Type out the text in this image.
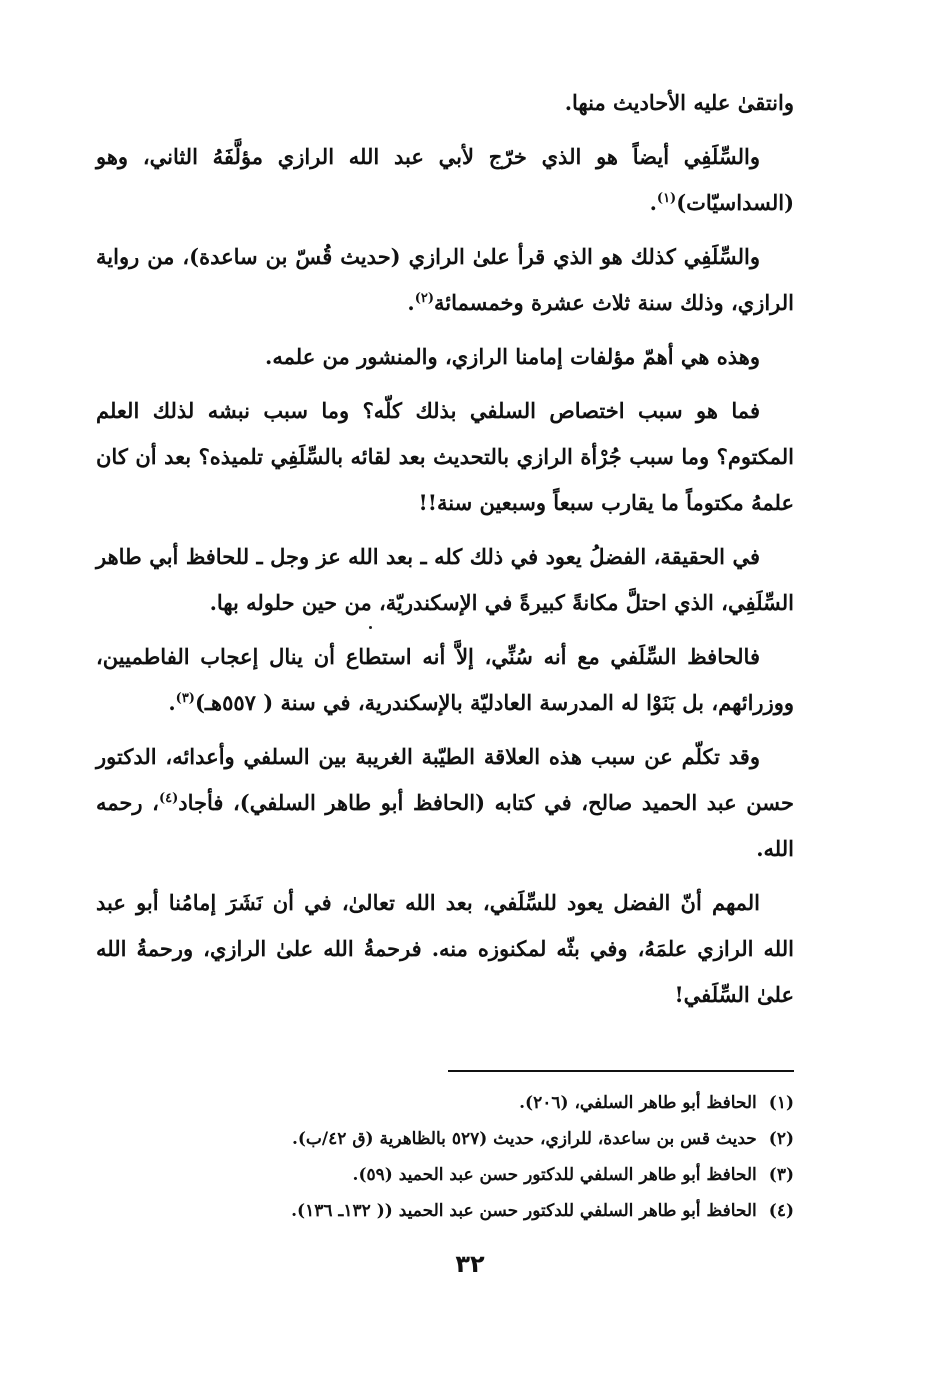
وانتقىٰ عليه الأحاديث منها.

والسِّلَفِي أيضاً هو الذي خرّج لأبي عبد الله الرازي مؤلَّفَهُ الثاني، وهو (السداسيّات)$^{(١)}$.

والسِّلَفِي كذلك هو الذي قرأ علىٰ الرازي (حديث قُسّ بن ساعدة)، من رواية الرازي، وذلك سنة ثلاث عشرة وخمسمائة$^{(٢)}$.

وهذه هي أهمّ مؤلفات إمامنا الرازي، والمنشور من علمه.

فما هو سبب اختصاص السلفي بذلك كلّه؟ وما سبب نبشه لذلك العلم المكتوم؟ وما سبب جُرْأة الرازي بالتحديث بعد لقائه بالسِّلَفِي تلميذه؟ بعد أن كان علمهُ مكتوماً ما يقارب سبعاً وسبعين سنة!!

في الحقيقة، الفضلُ يعود في ذلك كله ـ بعد الله عز وجل ـ للحافظ أبي طاهر السِّلَفِي، الذي احتلَّ مكانةً كبيرةً في الإسكندريّة، من حين حلوله بها.

فالحافظ السِّلَفي مع أنه سُنِّي، إلاَّ أنه استطاع أن ينال إعجاب الفاطميين، ووزرائهم، بل بَنَوْا له المدرسة العادليّة بالإسكندرية، في سنة ( ٥٥٧هـ)$^{(٣)}$.

وقد تكلّم عن سبب هذه العلاقة الطيّبة الغريبة بين السلفي وأعدائه، الدكتور حسن عبد الحميد صالح، في كتابه (الحافظ أبو طاهر السلفي)، فأجاد$^{(٤)}$، رحمه الله.

المهم أنّ الفضل يعود للسِّلَفي، بعد الله تعالىٰ، في أن نَشَرَ إمامُنا أبو عبد الله الرازي علمَهُ، وفي بثّه لمكنوزه منه. فرحمةُ الله علىٰ الرازي، ورحمةُ الله علىٰ السِّلَفي!

(١)الحافظ أبو طاهر السلفي، (٢٠٦).
(٢)حديث قس بن ساعدة، للرازي، حديث (٥٢٧ بالظاهرية (ق ٤٢/ب).
(٣)الحافظ أبو طاهر السلفي للدكتور حسن عبد الحميد (٥٩).
(٤)الحافظ أبو طاهر السلفي للدكتور حسن عبد الحميد (( ١٣٢ـ ١٣٦).
٣٢
